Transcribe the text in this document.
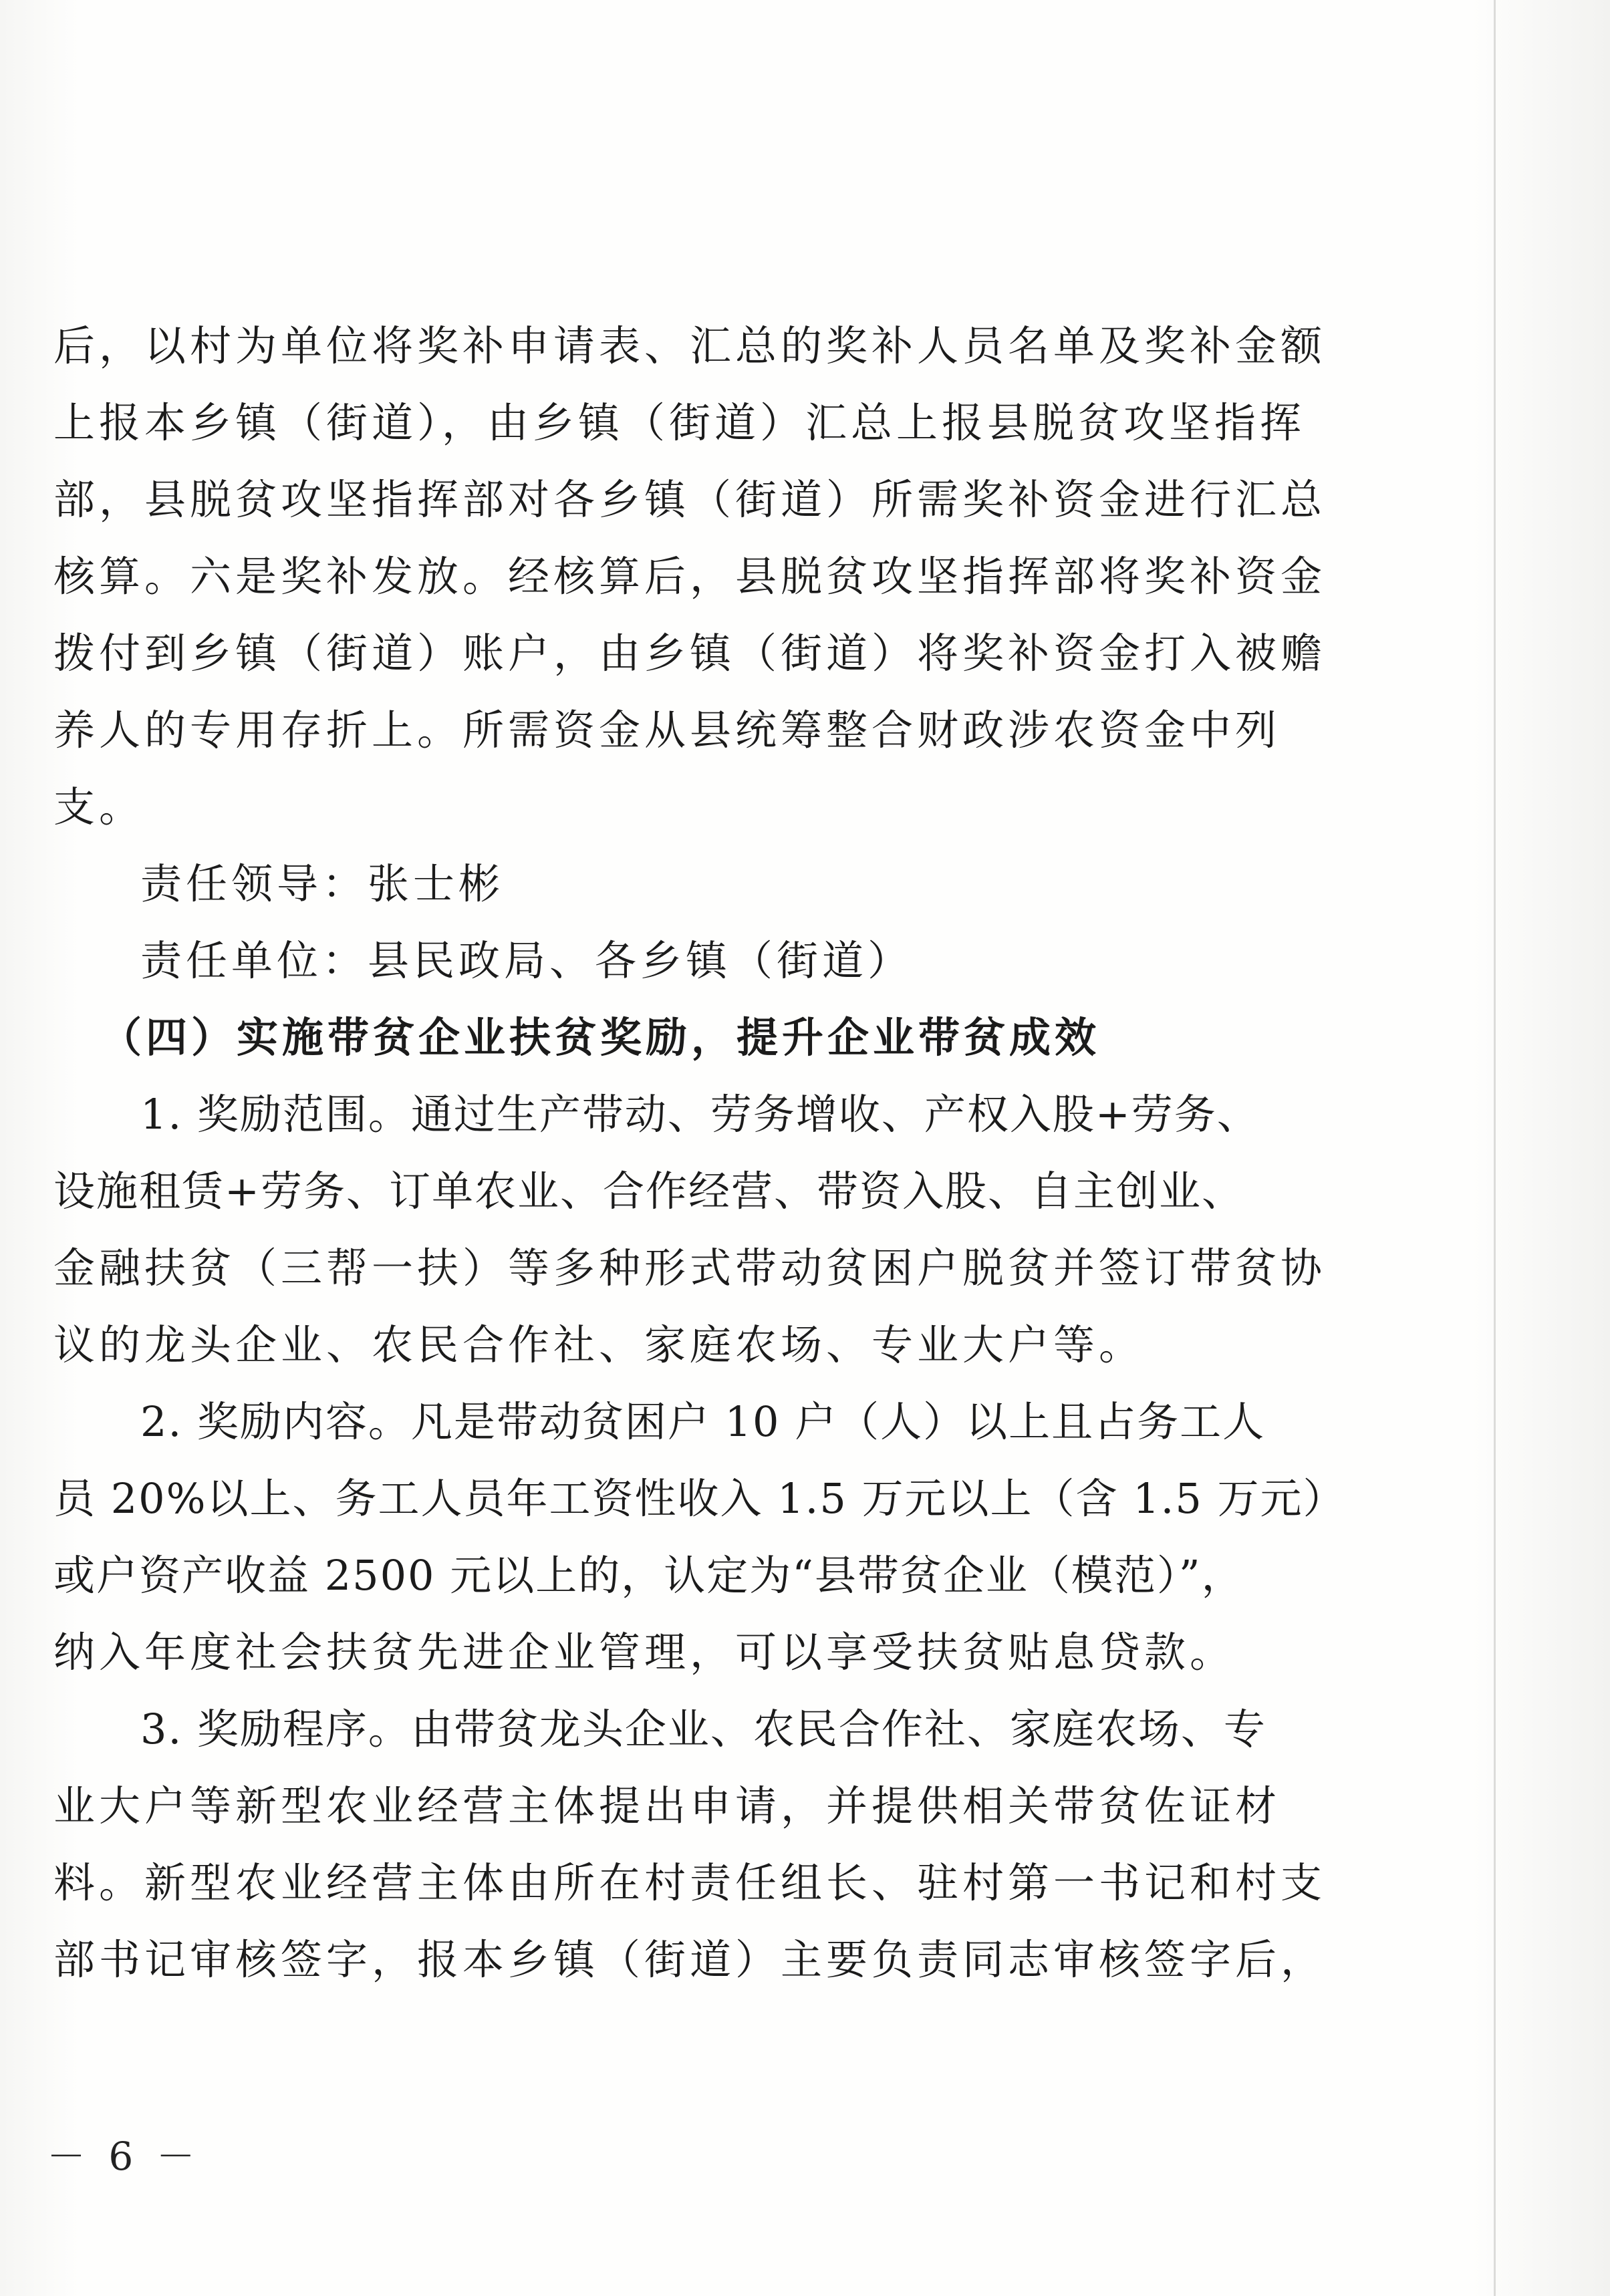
后，以村为单位将奖补申请表、汇总的奖补人员名单及奖补金额
上报本乡镇（街道），由乡镇（街道）汇总上报县脱贫攻坚指挥
部，县脱贫攻坚指挥部对各乡镇（街道）所需奖补资金进行汇总
核算。六是奖补发放。经核算后，县脱贫攻坚指挥部将奖补资金
拨付到乡镇（街道）账户，由乡镇（街道）将奖补资金打入被赡
养人的专用存折上。所需资金从县统筹整合财政涉农资金中列
支。
责任领导：张士彬
责任单位：县民政局、各乡镇（街道）
（四）实施带贫企业扶贫奖励，提升企业带贫成效
1. 奖励范围。通过生产带动、劳务增收、产权入股+劳务、
设施租赁+劳务、订单农业、合作经营、带资入股、自主创业、
金融扶贫（三帮一扶）等多种形式带动贫困户脱贫并签订带贫协
议的龙头企业、农民合作社、家庭农场、专业大户等。
2. 奖励内容。凡是带动贫困户 10 户（人）以上且占务工人
员 20%以上、务工人员年工资性收入 1.5 万元以上（含 1.5 万元）
或户资产收益 2500 元以上的，认定为“县带贫企业（模范）”，
纳入年度社会扶贫先进企业管理，可以享受扶贫贴息贷款。
3. 奖励程序。由带贫龙头企业、农民合作社、家庭农场、专
业大户等新型农业经营主体提出申请，并提供相关带贫佐证材
料。新型农业经营主体由所在村责任组长、驻村第一书记和村支
部书记审核签字，报本乡镇（街道）主要负责同志审核签字后，
－ 6 －
